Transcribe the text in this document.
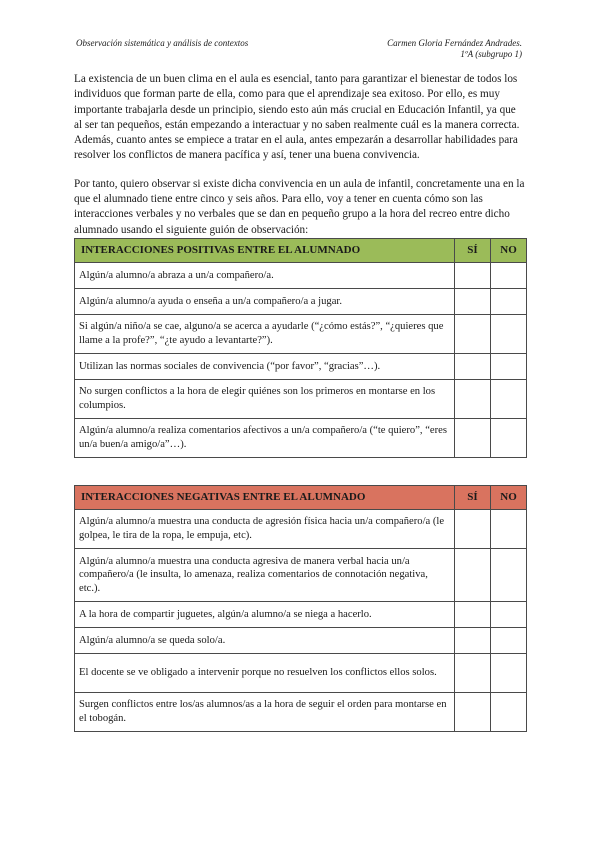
Observación sistemática y análisis de contextos	Carmen Gloria Fernández Andrades.
1ºA (subgrupo 1)

La existencia de un buen clima en el aula es esencial, tanto para garantizar el bienestar de todos los individuos que forman parte de ella, como para que el aprendizaje sea exitoso. Por ello, es muy importante trabajarla desde un principio, siendo esto aún más crucial en Educación Infantil, ya que al ser tan pequeños, están empezando a interactuar y no saben realmente cuál es la manera correcta. Además, cuanto antes se empiece a tratar en el aula, antes empezarán a desarrollar habilidades para resolver los conflictos de manera pacífica y así, tener una buena convivencia.

Por tanto, quiero observar si existe dicha convivencia en un aula de infantil, concretamente una en la que el alumnado tiene entre cinco y seis años. Para ello, voy a tener en cuenta cómo son las interacciones verbales y no verbales que se dan en pequeño grupo a la hora del recreo entre dicho alumnado usando el siguiente guión de observación:

INTERACCIONES POSITIVAS ENTRE EL ALUMNADO	SÍ	NO
Algún/a alumno/a abraza a un/a compañero/a.		
Algún/a alumno/a ayuda o enseña a un/a compañero/a a jugar.		
Si algún/a niño/a se cae, alguno/a se acerca a ayudarle (“¿cómo estás?”, “¿quieres que llame a la profe?”, “¿te ayudo a levantarte?”).		
Utilizan las normas sociales de convivencia (“por favor”, “gracias”…).		
No surgen conflictos a la hora de elegir quiénes son los primeros en montarse en los columpios.		
Algún/a alumno/a realiza comentarios afectivos a un/a compañero/a (“te quiero”, “eres un/a buen/a amigo/a”…).		
INTERACCIONES NEGATIVAS ENTRE EL ALUMNADO	SÍ	NO
Algún/a alumno/a muestra una conducta de agresión física hacia un/a compañero/a (le golpea, le tira de la ropa, le empuja, etc).		
Algún/a alumno/a muestra una conducta agresiva de manera verbal hacia un/a compañero/a (le insulta, lo amenaza, realiza comentarios de connotación negativa, etc.).		
A la hora de compartir juguetes, algún/a alumno/a se niega a hacerlo.		
Algún/a alumno/a se queda solo/a.		
El docente se ve obligado a intervenir porque no resuelven los conflictos ellos solos.		
Surgen conflictos entre los/as alumnos/as a la hora de seguir el orden para montarse en el tobogán.		
